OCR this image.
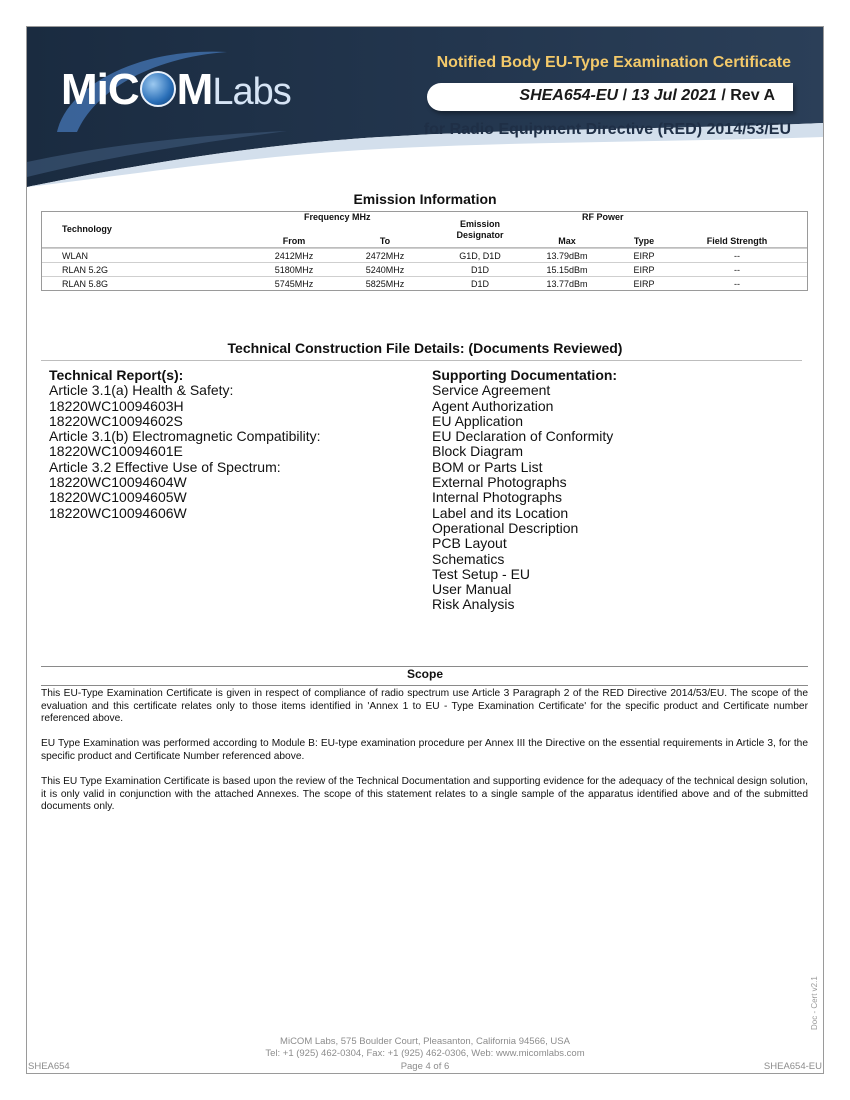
MiC MLabs
Notified Body EU-Type Examination Certificate
SHEA654-EU / 13 Jul 2021 / Rev A
for Radio Equipment Directive (RED) 2014/53/EU
Emission Information
Technology
Frequency MHz
From	To
Emission
Designator
RF Power
Max	Type	Field Strength
WLAN	2412MHz	2472MHz	G1D, D1D	13.79dBm	EIRP	--
RLAN 5.2G	5180MHz	5240MHz	D1D	15.15dBm	EIRP	--
RLAN 5.8G	5745MHz	5825MHz	D1D	13.77dBm	EIRP	--
Technical Construction File Details: (Documents Reviewed)
Technical Report(s):
Article 3.1(a) Health & Safety:
18220WC10094603H
18220WC10094602S
Article 3.1(b) Electromagnetic Compatibility:
18220WC10094601E
Article 3.2 Effective Use of Spectrum:
18220WC10094604W
18220WC10094605W
18220WC10094606W
Supporting Documentation:
Service Agreement
Agent Authorization
EU Application
EU Declaration of Conformity
Block Diagram
BOM or Parts List
External Photographs
Internal Photographs
Label and its Location
Operational Description
PCB Layout
Schematics
Test Setup - EU
User Manual
Risk Analysis
Scope

This EU-Type Examination Certificate is given in respect of compliance of radio spectrum use Article 3 Paragraph 2 of the RED Directive 2014/53/EU. The scope of the evaluation and this certificate relates only to those items identified in 'Annex 1 to EU - Type Examination Certificate' for the specific product and Certificate number referenced above.

EU Type Examination was performed according to Module B: EU-type examination procedure per Annex III the Directive on the essential requirements in Article 3, for the specific product and Certificate Number referenced above.

This EU Type Examination Certificate is based upon the review of the Technical Documentation and supporting evidence for the adequacy of the technical design solution, it is only valid in conjunction with the attached Annexes. The scope of this statement relates to a single sample of the apparatus identified above and of the submitted documents only.

Doc - Cert v2.1
MiCOM Labs, 575 Boulder Court, Pleasanton, California 94566, USA
Tel: +1 (925) 462-0304, Fax: +1 (925) 462-0306, Web: www.micomlabs.com
Page 4 of 6
SHEA654	SHEA654-EU
